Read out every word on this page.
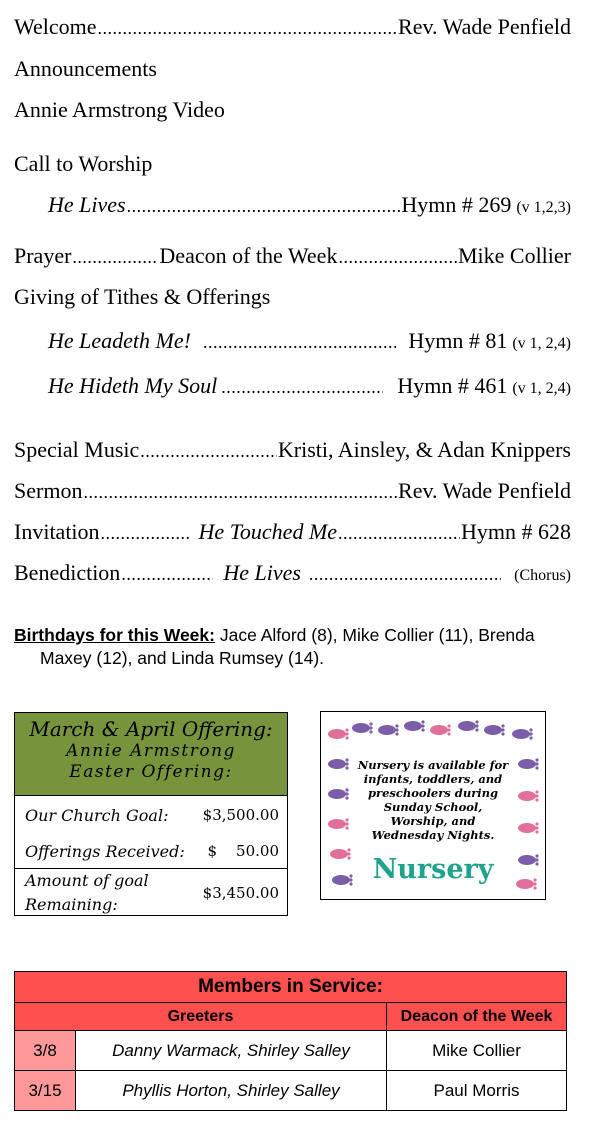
Welcome .....	Rev. Wade Penfield
Announcements
Annie Armstrong Video
Call to Worship
He Lives .....	Hymn # 269 (v 1,2,3)
Prayer .....	Deacon of the Week .....	Mike Collier
Giving of Tithes & Offerings
He Leadeth Me! .....	Hymn # 81 (v 1, 2,4)
He Hideth My Soul .....	Hymn # 461 (v 1, 2,4)
Special Music .....	Kristi, Ainsley, & Adan Knippers
Sermon .....	Rev. Wade Penfield
Invitation .....	He Touched Me .....	Hymn # 628
Benediction .....	He Lives .....	(Chorus)
Birthdays for this Week: Jace Alford (8), Mike Collier (11), Brenda
Maxey (12), and Linda Rumsey (14).
March & April Offering:
Annie Armstrong
Easter Offering:
Our Church Goal: $3,500.00
Offerings Received: $    50.00
Amount of goal Remaining:
$3,450.00
Nursery is available for infants, toddlers, and preschoolers during Sunday School, Worship, and Wednesday Nights.
Nursery
Members in Service:		
Greeters		Deacon of the Week
3/8	Danny Warmack, Shirley Salley	Mike Collier
3/15	Phyllis Horton, Shirley Salley	Paul Morris
